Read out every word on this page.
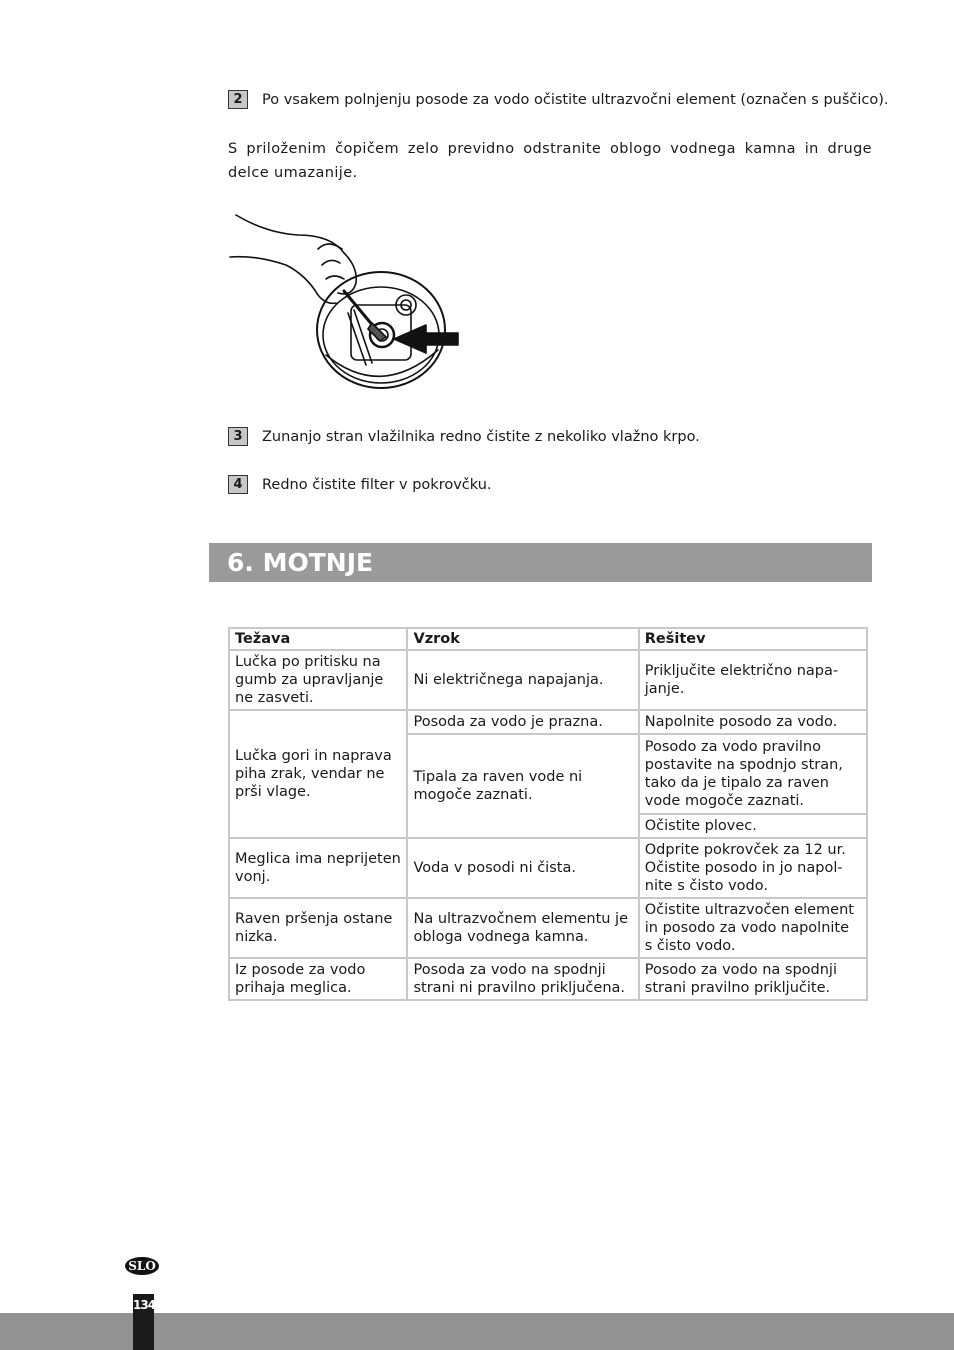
2	Po vsakem polnjenju posode za vodo očistite ultrazvočni element (označen s puščico).
S priloženim čopičem zelo previdno odstranite oblogo vodnega kamna in druge delce umazanije.
3	Zunanjo stran vlažilnika redno čistite z nekoliko vlažno krpo.
4	Redno čistite filter v pokrovčku.
6. MOTNJE
Težava	Vzrok	Rešitev
Lučka po pritisku na gumb za upravljanje ne zasveti.	Ni električnega napajanja.	Priključite električno napa-janje.
Lučka gori in naprava piha zrak, vendar ne prši vlage.	Posoda za vodo je prazna.	Napolnite posodo za vodo.
	Tipala za raven vode ni mogoče zaznati.	Posodo za vodo pravilno postavite na spodnjo stran, tako da je tipalo za raven vode mogoče zaznati.
		Očistite plovec.
Meglica ima neprijeten vonj.	Voda v posodi ni čista.	Odprite pokrovček za 12 ur. Očistite posodo in jo napol-nite s čisto vodo.
Raven pršenja ostane nizka.	Na ultrazvočnem elementu je obloga vodnega kamna.	Očistite ultrazvočen element in posodo za vodo napolnite s čisto vodo.
Iz posode za vodo prihaja meglica.	Posoda za vodo na spodnji strani ni pravilno priključena.	Posodo za vodo na spodnji strani pravilno priključite.
SLO
134
